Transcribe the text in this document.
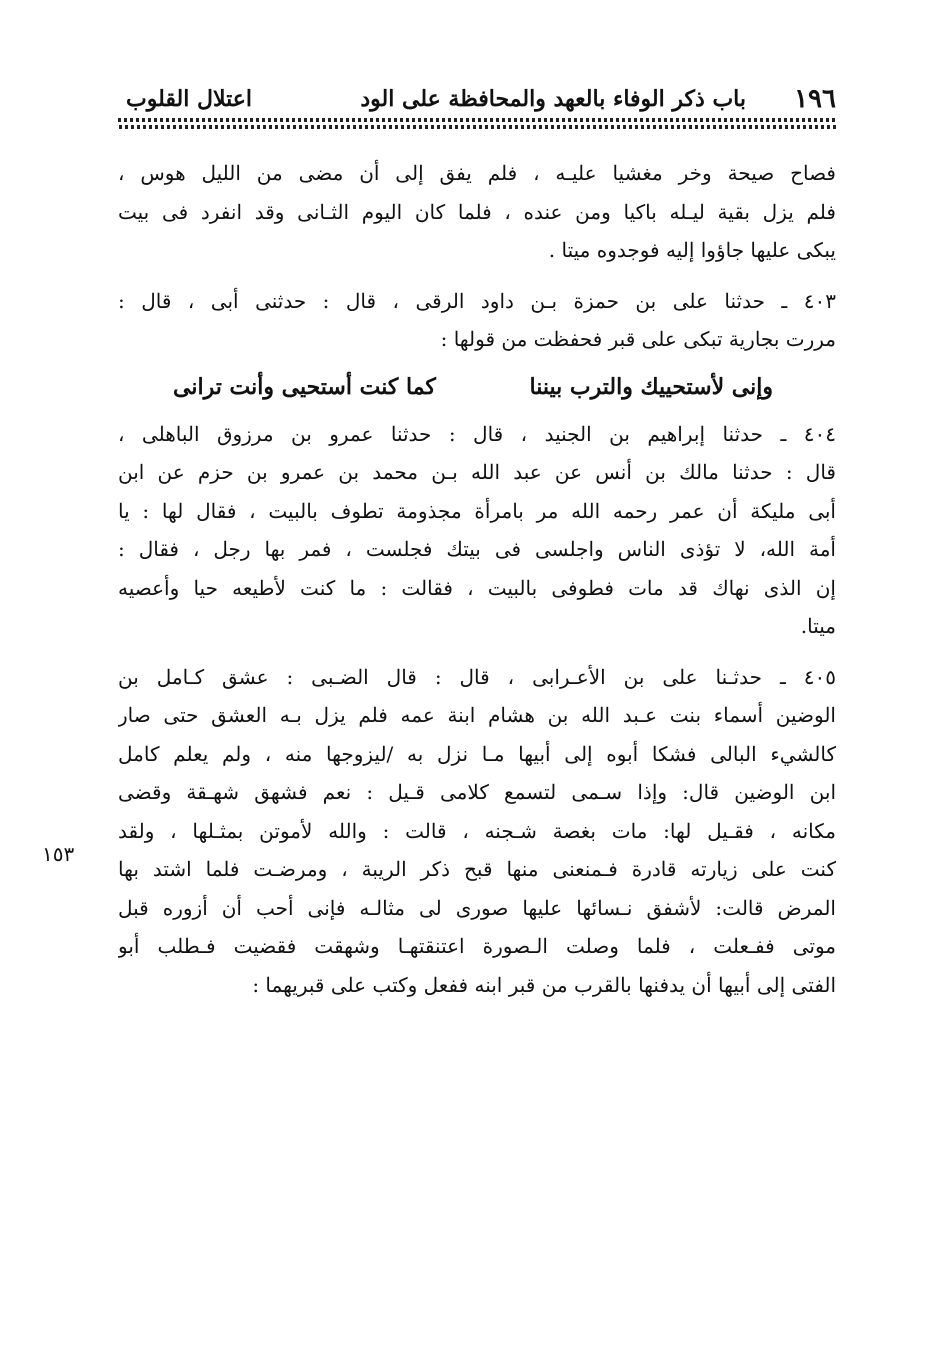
١٩٦
باب ذكر الوفاء بالعهد والمحافظة على الود
اعتلال القلوب
١٥٣
فصاح صيحة وخر مغشيا عليـه ، فلم يفق إلى أن مضى من الليل هوس ،
فلم يزل بقية ليـله باكيا ومن عنده ، فلما كان اليوم الثـانى وقد انفرد فى بيت
يبكى عليها جاؤوا إليه فوجدوه ميتا .
٤٠٣ ـ حدثنا على بن حمزة بـن داود الرقى ، قال : حدثنى أبى ، قال :
مررت بجارية تبكى على قبر فحفظت من قولها :
وإنى لأستحييك والترب بيننا
كما كنت أستحيى وأنت ترانى
٤٠٤ ـ حدثنا إبراهيم بن الجنيد ، قال : حدثنا عمرو بن مرزوق الباهلى ،
قال : حدثنا مالك بن أنس عن عبد الله بـن محمد بن عمرو بن حزم عن ابن
أبى مليكة أن عمر رحمه الله مر بامرأة مجذومة تطوف بالبيت ، فقال لها : يا
أمة الله، لا تؤذى الناس واجلسى فى بيتك فجلست ، فمر بها رجل ، فقال :
إن الذى نهاك قد مات فطوفى بالبيت ، فقالت : ما كنت لأطيعه حيا وأعصيه
ميتا.
٤٠٥ ـ حدثـنا على بن الأعـرابى ، قال : قال الضـبى : عشق كـامل بن
الوضين أسماء بنت عـبد الله بن هشام ابنة عمه فلم يزل بـه العشق حتى صار
كالشيء البالى فشكا أبوه إلى أبيها مـا نزل به /ليزوجها منه ، ولم يعلم كامل
ابن الوضين قال: وإذا سـمى لتسمع كلامى قـيل : نعم فشهق شهـقة وقضى
مكانه ، فقـيل لها: مات بغصة شـجنه ، قالت : والله لأموتن بمثـلها ، ولقد
كنت على زيارته قادرة فـمنعنى منها قبح ذكر الريبة ، ومرضـت فلما اشتد بها
المرض قالت: لأشفق نـسائها عليها صورى لى مثالـه فإنى أحب أن أزوره قبل
موتى ففـعلت ، فلما وصلت الـصورة اعتنقتهـا وشهقت فقضيت فـطلب أبو
الفتى إلى أبيها أن يدفنها بالقرب من قبر ابنه ففعل وكتب على قبريهما :
